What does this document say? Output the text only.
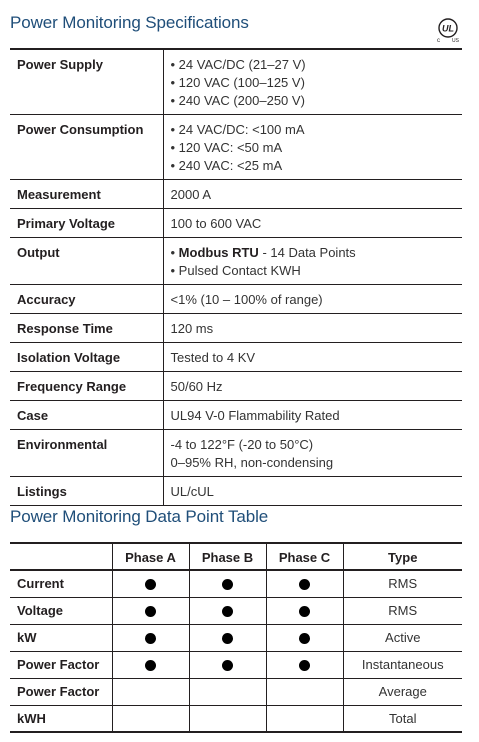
Power Monitoring Specifications	UL
c US
Power Supply	• 24 VAC/DC (21–27 V)
• 120 VAC (100–125 V)
• 240 VAC (200–250 V)

Power Consumption	• 24 VAC/DC: <100 mA
• 120 VAC: <50 mA
• 240 VAC: <25 mA

Measurement	2000 A

Primary Voltage	100 to 600 VAC

Output	• Modbus RTU - 14 Data Points
• Pulsed Contact KWH

Accuracy	<1% (10 – 100% of range)

Response Time	120 ms

Isolation Voltage	Tested to 4 KV

Frequency Range	50/60 Hz

Case	UL94 V-0 Flammability Rated

Environmental	-4 to 122°F (-20 to 50°C)
0–95% RH, non-condensing

Listings	UL/cUL
Power Monitoring Data Point Table
	Phase A	Phase B	Phase C	Type
Current				RMS
Voltage				RMS
kW				Active
Power Factor				Instantaneous
Power Factor				Average
kWH				Total
